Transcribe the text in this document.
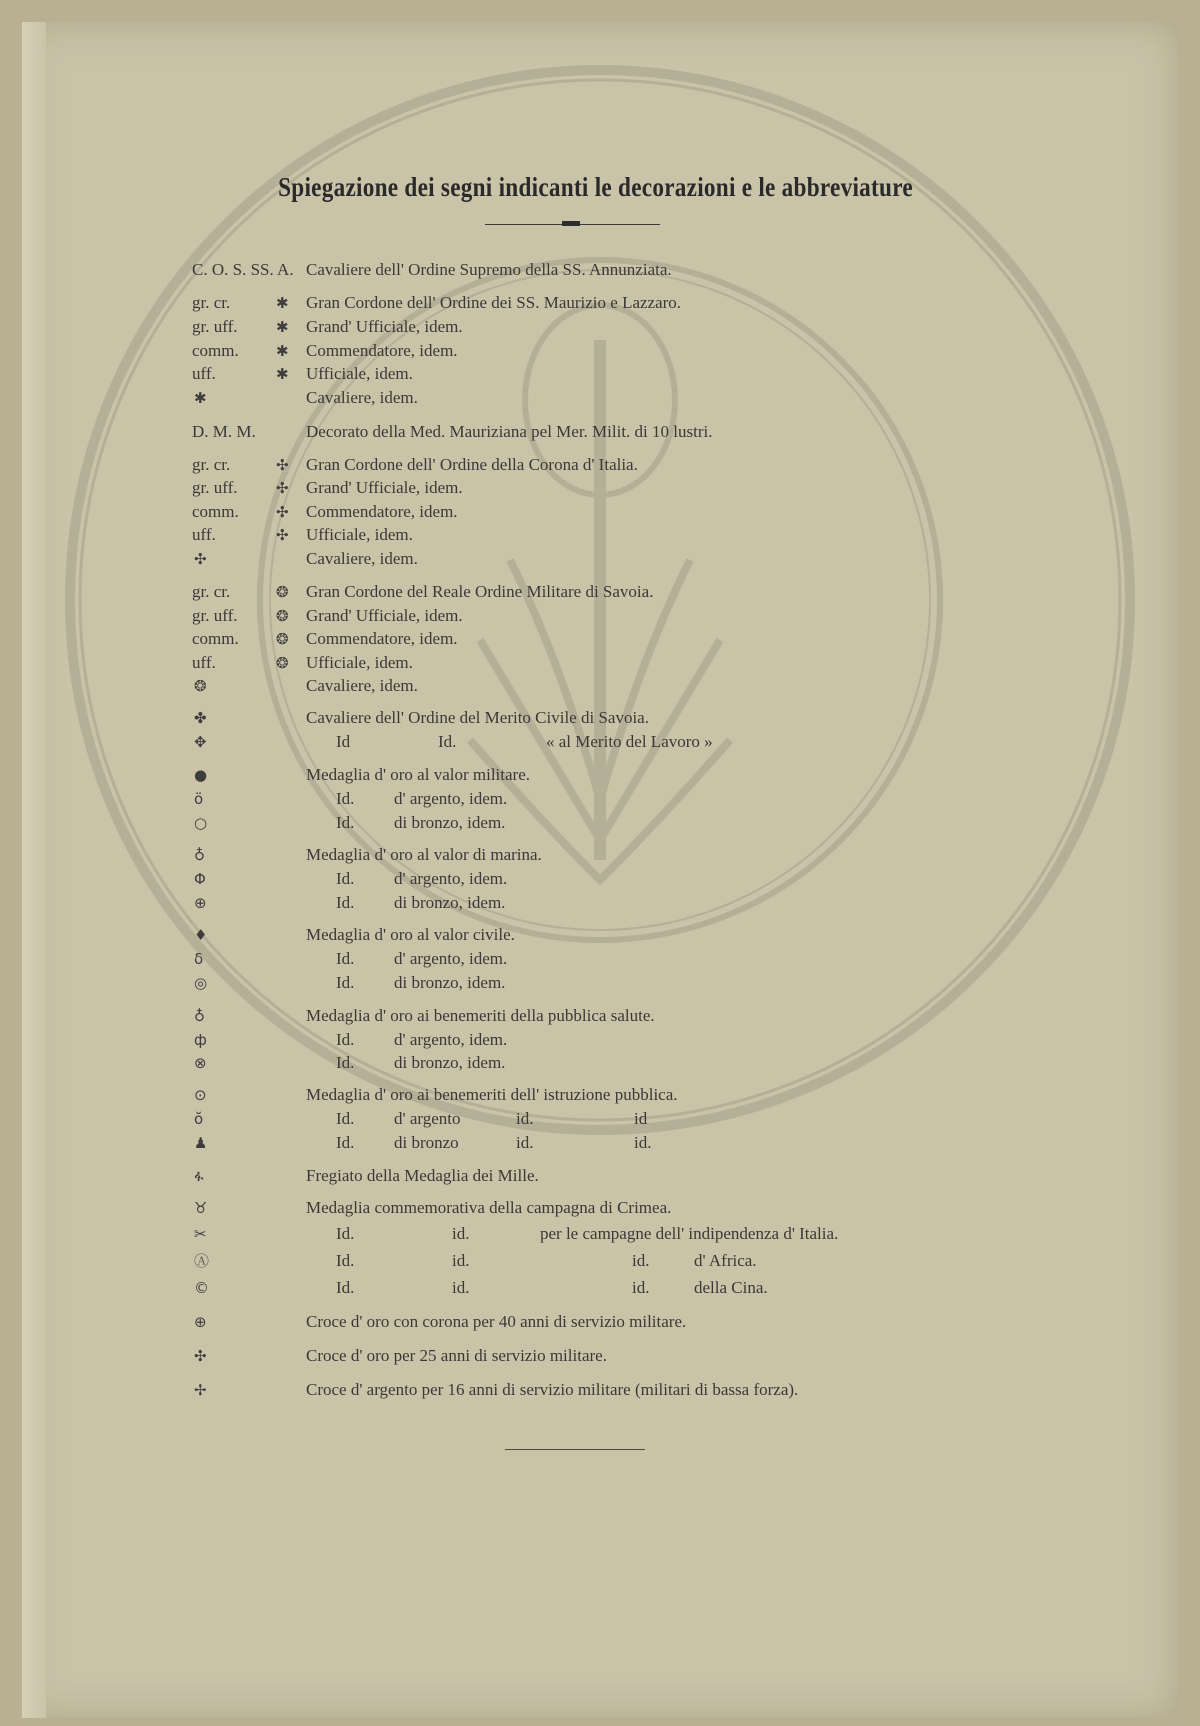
Spiegazione dei segni indicanti le decorazioni e le abbreviature
C. O. S. SS. A. Cavaliere dell' Ordine Supremo della SS. Annunziata.
gr. cr.	✱ Gran Cordone dell' Ordine dei SS. Maurizio e Lazzaro.
gr. uff.	✱ Grand' Ufficiale, idem.
comm. ✱ Commendatore, idem.
uff.	✱ Ufficiale, idem.
✱	Cavaliere, idem.
D. M. M.	Decorato della Med. Mauriziana pel Mer. Milit. di 10 lustri.
gr. cr.	✣ Gran Cordone dell' Ordine della Corona d' Italia.
gr. uff.	✣ Grand' Ufficiale, idem.
comm. ✣ Commendatore, idem.
uff.	✣ Ufficiale, idem.
✣	Cavaliere, idem.
gr. cr.	❂ Gran Cordone del Reale Ordine Militare di Savoia.
gr. uff.	❂ Grand' Ufficiale, idem.
comm. ❂ Commendatore, idem.
uff.	❂ Ufficiale, idem.
❂	Cavaliere, idem.
✤	Cavaliere dell' Ordine del Merito Civile di Savoia.
✥	Id	Id.	« al Merito del Lavoro »
●	Medaglia d' oro al valor militare.
ö	Id. d' argento, idem.
○	Id. di bronzo, idem.
♁	Medaglia d' oro al valor di marina.
Φ	Id. d' argento, idem.
⊕	Id. di bronzo, idem.
♦	Medaglia d' oro al valor civile.
δ	Id. d' argento, idem.
◎	Id. di bronzo, idem.
♁	Medaglia d' oro ai benemeriti della pubblica salute.
ф	Id. d' argento, idem.
⊗	Id. di bronzo, idem.
⊙	Medaglia d' oro ai benemeriti dell' istruzione pubblica.
ŏ	Id. d' argento	id.	id
♟	Id. di bronzo	id.	id.
ፋ	Fregiato della Medaglia dei Mille.
♉	Medaglia commemorativa della campagna di Crimea.
✂	Id.	id.	per le campagne dell' indipendenza d' Italia.
Ⓐ	Id.	id.	id.	d' Africa.
©	Id.	id.	id.	della Cina.
⊕	Croce d' oro con corona per 40 anni di servizio militare.
✣	Croce d' oro per 25 anni di servizio militare.
✢	Croce d' argento per 16 anni di servizio militare (militari di bassa forza).
